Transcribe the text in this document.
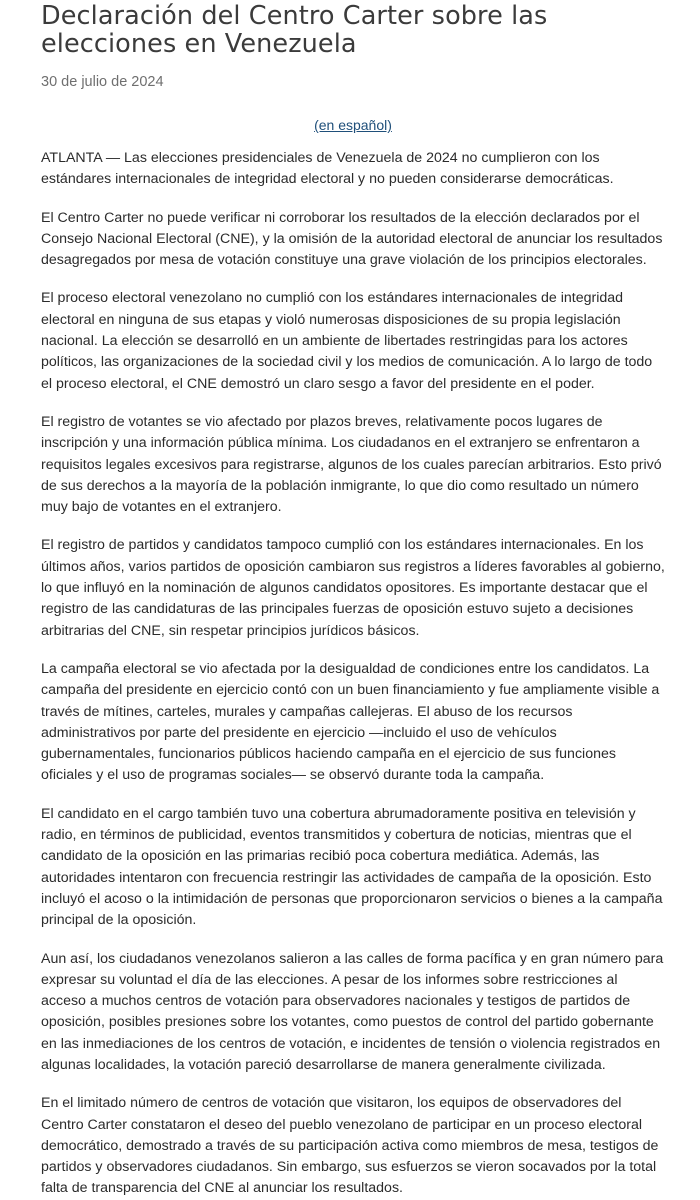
Declaración del Centro Carter sobre las elecciones en Venezuela

30 de julio de 2024

(en español)

ATLANTA — Las elecciones presidenciales de Venezuela de 2024 no cumplieron con los estándares internacionales de integridad electoral y no pueden considerarse democráticas.

El Centro Carter no puede verificar ni corroborar los resultados de la elección declarados por el Consejo Nacional Electoral (CNE), y la omisión de la autoridad electoral de anunciar los resultados desagregados por mesa de votación constituye una grave violación de los principios electorales.

El proceso electoral venezolano no cumplió con los estándares internacionales de integridad electoral en ninguna de sus etapas y violó numerosas disposiciones de su propia legislación nacional. La elección se desarrolló en un ambiente de libertades restringidas para los actores políticos, las organizaciones de la sociedad civil y los medios de comunicación. A lo largo de todo el proceso electoral, el CNE demostró un claro sesgo a favor del presidente en el poder.

El registro de votantes se vio afectado por plazos breves, relativamente pocos lugares de inscripción y una información pública mínima. Los ciudadanos en el extranjero se enfrentaron a requisitos legales excesivos para registrarse, algunos de los cuales parecían arbitrarios. Esto privó de sus derechos a la mayoría de la población inmigrante, lo que dio como resultado un número muy bajo de votantes en el extranjero.

El registro de partidos y candidatos tampoco cumplió con los estándares internacionales. En los últimos años, varios partidos de oposición cambiaron sus registros a líderes favorables al gobierno, lo que influyó en la nominación de algunos candidatos opositores. Es importante destacar que el registro de las candidaturas de las principales fuerzas de oposición estuvo sujeto a decisiones arbitrarias del CNE, sin respetar principios jurídicos básicos.

La campaña electoral se vio afectada por la desigualdad de condiciones entre los candidatos. La campaña del presidente en ejercicio contó con un buen financiamiento y fue ampliamente visible a través de mítines, carteles, murales y campañas callejeras. El abuso de los recursos administrativos por parte del presidente en ejercicio —incluido el uso de vehículos gubernamentales, funcionarios públicos haciendo campaña en el ejercicio de sus funciones oficiales y el uso de programas sociales— se observó durante toda la campaña.

El candidato en el cargo también tuvo una cobertura abrumadoramente positiva en televisión y radio, en términos de publicidad, eventos transmitidos y cobertura de noticias, mientras que el candidato de la oposición en las primarias recibió poca cobertura mediática. Además, las autoridades intentaron con frecuencia restringir las actividades de campaña de la oposición. Esto incluyó el acoso o la intimidación de personas que proporcionaron servicios o bienes a la campaña principal de la oposición.

Aun así, los ciudadanos venezolanos salieron a las calles de forma pacífica y en gran número para expresar su voluntad el día de las elecciones. A pesar de los informes sobre restricciones al acceso a muchos centros de votación para observadores nacionales y testigos de partidos de oposición, posibles presiones sobre los votantes, como puestos de control del partido gobernante en las inmediaciones de los centros de votación, e incidentes de tensión o violencia registrados en algunas localidades, la votación pareció desarrollarse de manera generalmente civilizada.

En el limitado número de centros de votación que visitaron, los equipos de observadores del Centro Carter constataron el deseo del pueblo venezolano de participar en un proceso electoral democrático, demostrado a través de su participación activa como miembros de mesa, testigos de partidos y observadores ciudadanos. Sin embargo, sus esfuerzos se vieron socavados por la total falta de transparencia del CNE al anunciar los resultados.
